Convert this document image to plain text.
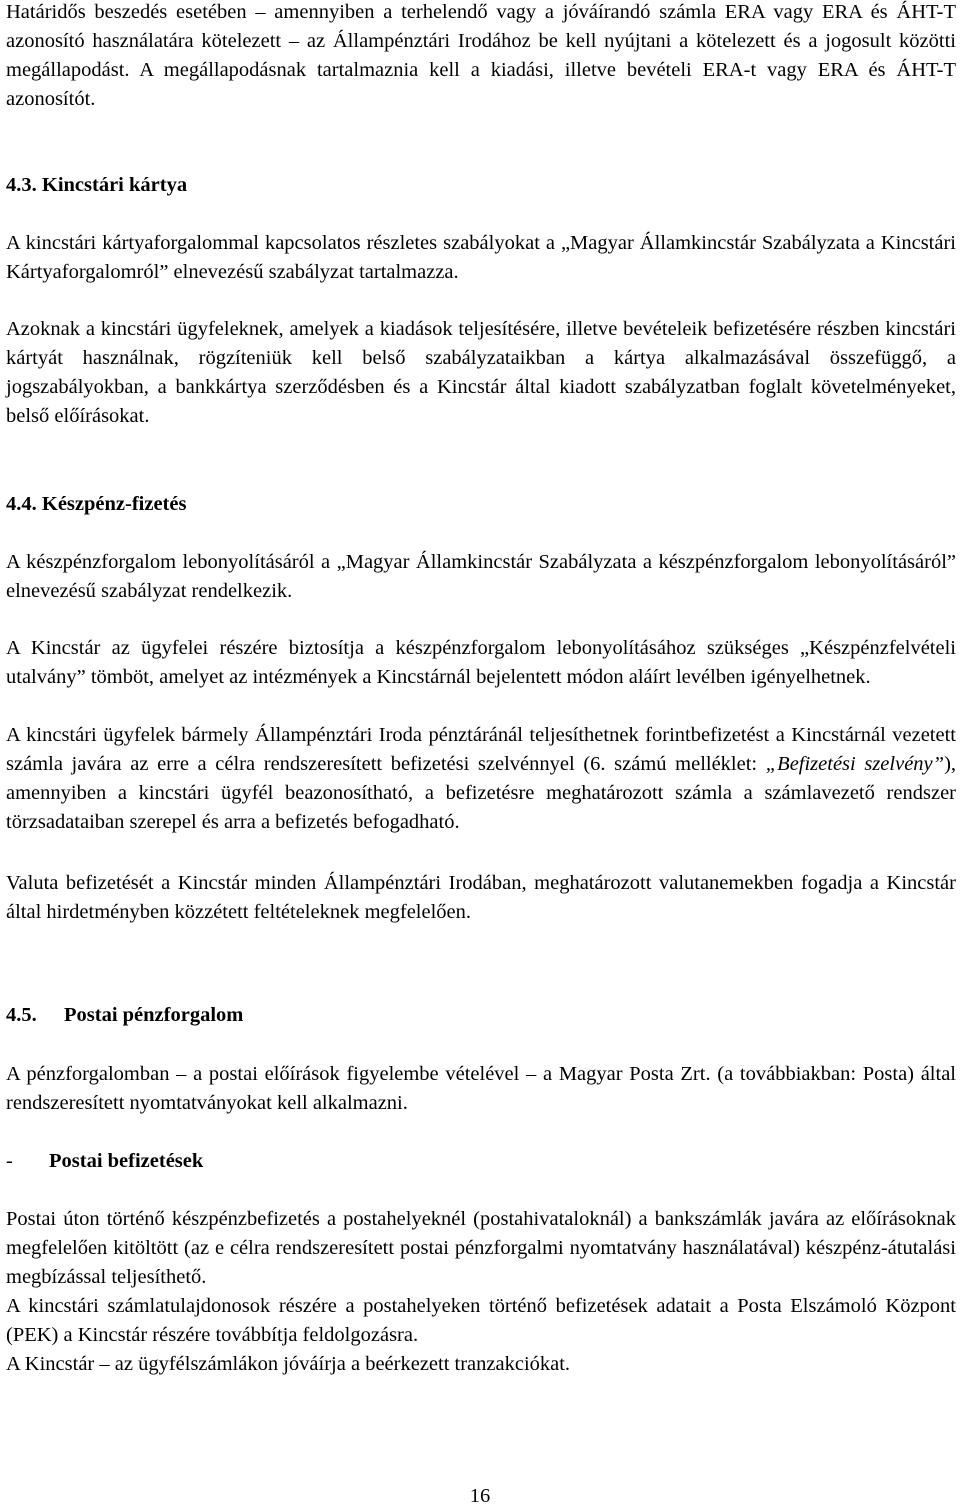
Határidős beszedés esetében – amennyiben a terhelendő vagy a jóváírandó számla ERA vagy ERA és ÁHT-T azonosító használatára kötelezett – az Állampénztári Irodához be kell nyújtani a kötelezett és a jogosult közötti megállapodást. A megállapodásnak tartalmaznia kell a kiadási, illetve bevételi ERA-t vagy ERA és ÁHT-T azonosítót.

4.3. Kincstári kártya

A kincstári kártyaforgalommal kapcsolatos részletes szabályokat a „Magyar Államkincstár Szabályzata a Kincstári Kártyaforgalomról” elnevezésű szabályzat tartalmazza.

Azoknak a kincstári ügyfeleknek, amelyek a kiadások teljesítésére, illetve bevételeik befizetésére részben kincstári kártyát használnak, rögzíteniük kell belső szabályzataikban a kártya alkalmazásával összefüggő, a jogszabályokban, a bankkártya szerződésben és a Kincstár által kiadott szabályzatban foglalt követelményeket, belső előírásokat.

4.4. Készpénz-fizetés

A készpénzforgalom lebonyolításáról a „Magyar Államkincstár Szabályzata a készpénzforgalom lebonyolításáról” elnevezésű szabályzat rendelkezik.

A Kincstár az ügyfelei részére biztosítja a készpénzforgalom lebonyolításához szükséges „Készpénzfelvételi utalvány” tömböt, amelyet az intézmények a Kincstárnál bejelentett módon aláírt levélben igényelhetnek.

A kincstári ügyfelek bármely Állampénztári Iroda pénztáránál teljesíthetnek forintbefizetést a Kincstárnál vezetett számla javára az erre a célra rendszeresített befizetési szelvénnyel (6. számú melléklet: „Befizetési szelvény”), amennyiben a kincstári ügyfél beazonosítható, a befizetésre meghatározott számla a számlavezető rendszer törzsadataiban szerepel és arra a befizetés befogadható.

Valuta befizetését a Kincstár minden Állampénztári Irodában, meghatározott valutanemekben fogadja a Kincstár által hirdetményben közzétett feltételeknek megfelelően.

4.5. Postai pénzforgalom

A pénzforgalomban – a postai előírások figyelembe vételével – a Magyar Posta Zrt. (a továbbiakban: Posta) által rendszeresített nyomtatványokat kell alkalmazni.

- Postai befizetések

Postai úton történő készpénzbefizetés a postahelyeknél (postahivataloknál) a bankszámlák javára az előírásoknak megfelelően kitöltött (az e célra rendszeresített postai pénzforgalmi nyomtatvány használatával) készpénz-átutalási megbízással teljesíthető.

A kincstári számlatulajdonosok részére a postahelyeken történő befizetések adatait a Posta Elszámoló Központ (PEK) a Kincstár részére továbbítja feldolgozásra.

A Kincstár – az ügyfélszámlákon jóváírja a beérkezett tranzakciókat.

16
